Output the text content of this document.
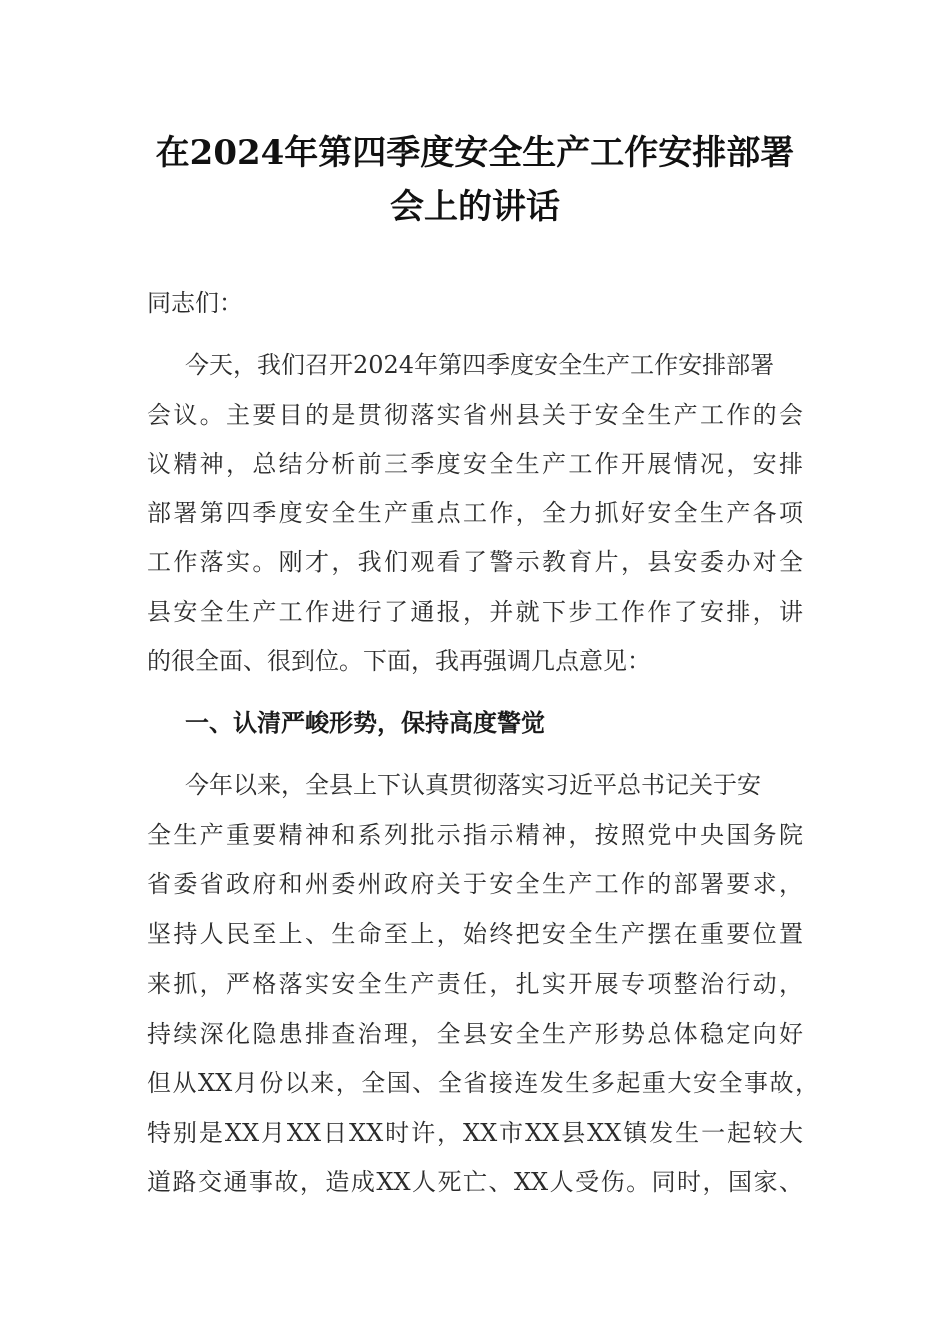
在2024年第四季度安全生产工作安排部署
会上的讲话
同志们：
今天，我们召开2024年第四季度安全生产工作安排部署
会议。主要目的是贯彻落实省州县关于安全生产工作的会
议精神，总结分析前三季度安全生产工作开展情况，安排
部署第四季度安全生产重点工作，全力抓好安全生产各项
工作落实。刚才，我们观看了警示教育片，县安委办对全
县安全生产工作进行了通报，并就下步工作作了安排，讲
的很全面、很到位。下面，我再强调几点意见：
一、认清严峻形势，保持高度警觉
今年以来，全县上下认真贯彻落实习近平总书记关于安
全生产重要精神和系列批示指示精神，按照党中央国务院
省委省政府和州委州政府关于安全生产工作的部署要求，
坚持人民至上、生命至上，始终把安全生产摆在重要位置
来抓，严格落实安全生产责任，扎实开展专项整治行动，
持续深化隐患排查治理，全县安全生产形势总体稳定向好
但从XX月份以来，全国、全省接连发生多起重大安全事故，
特别是XX月XX日XX时许，XX市XX县XX镇发生一起较大
道路交通事故，造成XX人死亡、XX人受伤。同时，国家、
